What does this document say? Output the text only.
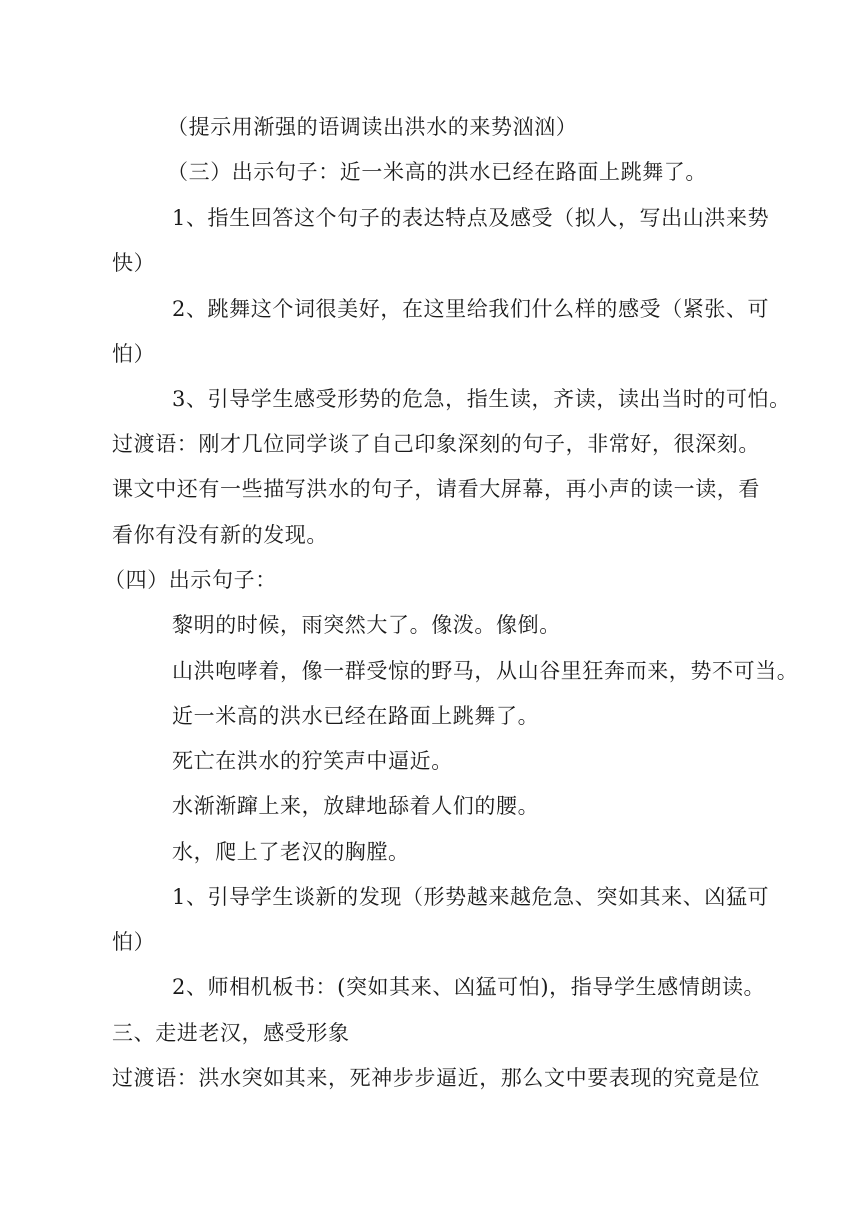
（提示用渐强的语调读出洪水的来势汹汹）
（三）出示句子：近一米高的洪水已经在路面上跳舞了。
1、指生回答这个句子的表达特点及感受（拟人，写出山洪来势
快）
2、跳舞这个词很美好，在这里给我们什么样的感受（紧张、可
怕）
3、引导学生感受形势的危急，指生读，齐读，读出当时的可怕。
过渡语：刚才几位同学谈了自己印象深刻的句子，非常好，很深刻。
课文中还有一些描写洪水的句子，请看大屏幕，再小声的读一读，看
看你有没有新的发现。
（四）出示句子：
黎明的时候，雨突然大了。像泼。像倒。
山洪咆哮着，像一群受惊的野马，从山谷里狂奔而来，势不可当。
近一米高的洪水已经在路面上跳舞了。
死亡在洪水的狞笑声中逼近。
水渐渐蹿上来，放肆地舔着人们的腰。
水，爬上了老汉的胸膛。
1、引导学生谈新的发现（形势越来越危急、突如其来、凶猛可
怕）
2、师相机板书：(突如其来、凶猛可怕)，指导学生感情朗读。
三、走进老汉，感受形象
过渡语：洪水突如其来，死神步步逼近，那么文中要表现的究竟是位
